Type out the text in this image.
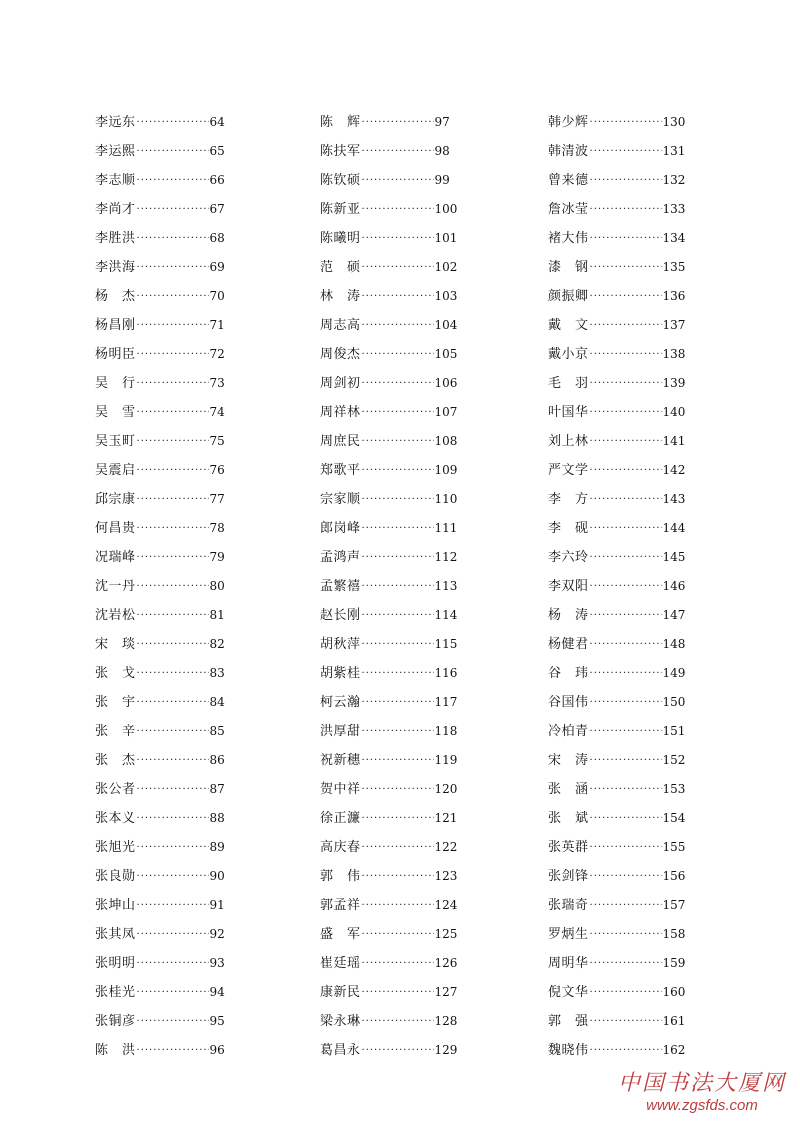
李远东 ·····	64
李运熙 ·····	65
李志顺 ·····	66
李尚才 ·····	67
李胜洪 ·····	68
李洪海 ·····	69
杨　杰 ·····	70
杨昌刚 ·····	71
杨明臣 ·····	72
吴　行 ·····	73
吴　雪 ·····	74
吴玉町 ·····	75
吴震启 ·····	76
邱宗康 ·····	77
何昌贵 ·····	78
况瑞峰 ·····	79
沈一丹 ·····	80
沈岩松 ·····	81
宋　琰 ·····	82
张　戈 ·····	83
张　宇 ·····	84
张　辛 ·····	85
张　杰 ·····	86
张公者 ·····	87
张本义 ·····	88
张旭光 ·····	89
张良勋 ·····	90
张坤山 ·····	91
张其凤 ·····	92
张明明 ·····	93
张桂光 ·····	94
张铜彦 ·····	95
陈　洪 ·····	96
陈　辉 ·····	97
陈扶军 ·····	98
陈钦硕 ·····	99
陈新亚 ·····	100
陈曦明 ·····	101
范　硕 ·····	102
林　涛 ·····	103
周志高 ·····	104
周俊杰 ·····	105
周剑初 ·····	106
周祥林 ·····	107
周庶民 ·····	108
郑歌平 ·····	109
宗家顺 ·····	110
郎岗峰 ·····	111
孟鸿声 ·····	112
孟繁禧 ·····	113
赵长刚 ·····	114
胡秋萍 ·····	115
胡紫桂 ·····	116
柯云瀚 ·····	117
洪厚甜 ·····	118
祝新穗 ·····	119
贺中祥 ·····	120
徐正濂 ·····	121
高庆春 ·····	122
郭　伟 ·····	123
郭孟祥 ·····	124
盛　军 ·····	125
崔廷瑶 ·····	126
康新民 ·····	127
梁永琳 ·····	128
葛昌永 ·····	129
韩少辉 ·····	130
韩清波 ·····	131
曾来德 ·····	132
詹冰莹 ·····	133
褚大伟 ·····	134
漆　钢 ·····	135
颜振卿 ·····	136
戴　文 ·····	137
戴小京 ·····	138
毛　羽 ·····	139
叶国华 ·····	140
刘上林 ·····	141
严文学 ·····	142
李　方 ·····	143
李　砚 ·····	144
李六玲 ·····	145
李双阳 ·····	146
杨　涛 ·····	147
杨健君 ·····	148
谷　玮 ·····	149
谷国伟 ·····	150
冷柏青 ·····	151
宋　涛 ·····	152
张　涵 ·····	153
张　斌 ·····	154
张英群 ·····	155
张剑锋 ·····	156
张瑞奇 ·····	157
罗炳生 ·····	158
周明华 ·····	159
倪文华 ·····	160
郭　强 ·····	161
魏晓伟 ·····	162
中国书法大厦网
www.zgsfds.com
